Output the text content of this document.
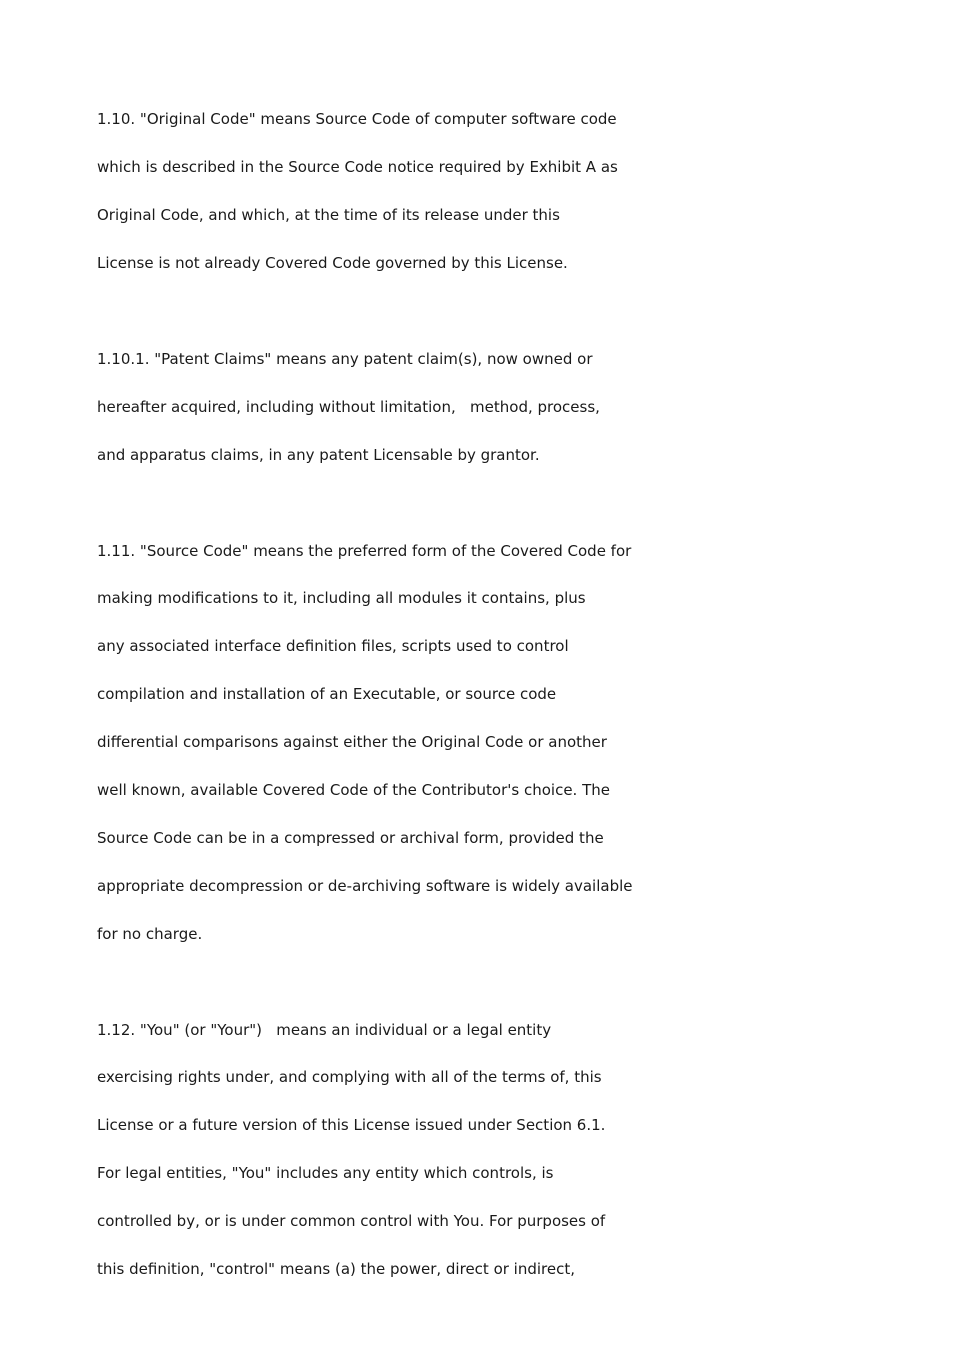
1.10. "Original Code" means Source Code of computer software code
which is described in the Source Code notice required by Exhibit A as
Original Code, and which, at the time of its release under this
License is not already Covered Code governed by this License.
1.10.1. "Patent Claims" means any patent claim(s), now owned or
hereafter acquired, including without limitation,   method, process,
and apparatus claims, in any patent Licensable by grantor.
1.11. "Source Code" means the preferred form of the Covered Code for
making modifications to it, including all modules it contains, plus
any associated interface definition files, scripts used to control
compilation and installation of an Executable, or source code
differential comparisons against either the Original Code or another
well known, available Covered Code of the Contributor's choice. The
Source Code can be in a compressed or archival form, provided the
appropriate decompression or de-archiving software is widely available
for no charge.
1.12. "You" (or "Your")   means an individual or a legal entity
exercising rights under, and complying with all of the terms of, this
License or a future version of this License issued under Section 6.1.
For legal entities, "You" includes any entity which controls, is
controlled by, or is under common control with You. For purposes of
this definition, "control" means (a) the power, direct or indirect,
